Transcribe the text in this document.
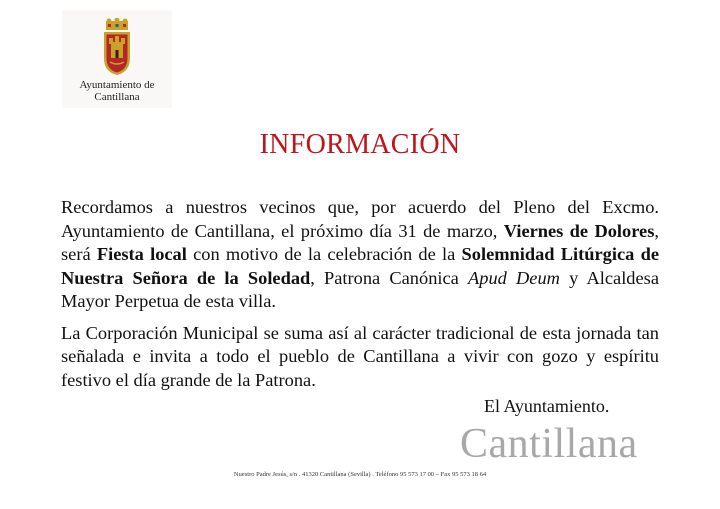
Ayuntamiento de
Cantillana
INFORMACIÓN

Recordamos a nuestros vecinos que, por acuerdo del Pleno del Excmo. Ayuntamiento de Cantillana, el próximo día 31 de marzo, Viernes de Dolores, será Fiesta local con motivo de la celebración de la Solemnidad Litúrgica de Nuestra Señora de la Soledad, Patrona Canónica Apud Deum y Alcaldesa Mayor Perpetua de esta villa.

La Corporación Municipal se suma así al carácter tradicional de esta jornada tan señalada e invita a todo el pueblo de Cantillana a vivir con gozo y espíritu festivo el día grande de la Patrona.

El Ayuntamiento.
Cantillana
Nuestro Padre Jesús, s/n . 41320 Cantillana (Sevilla) . Teléfono 95 573 17 00 – Fax 95 573 18 64
